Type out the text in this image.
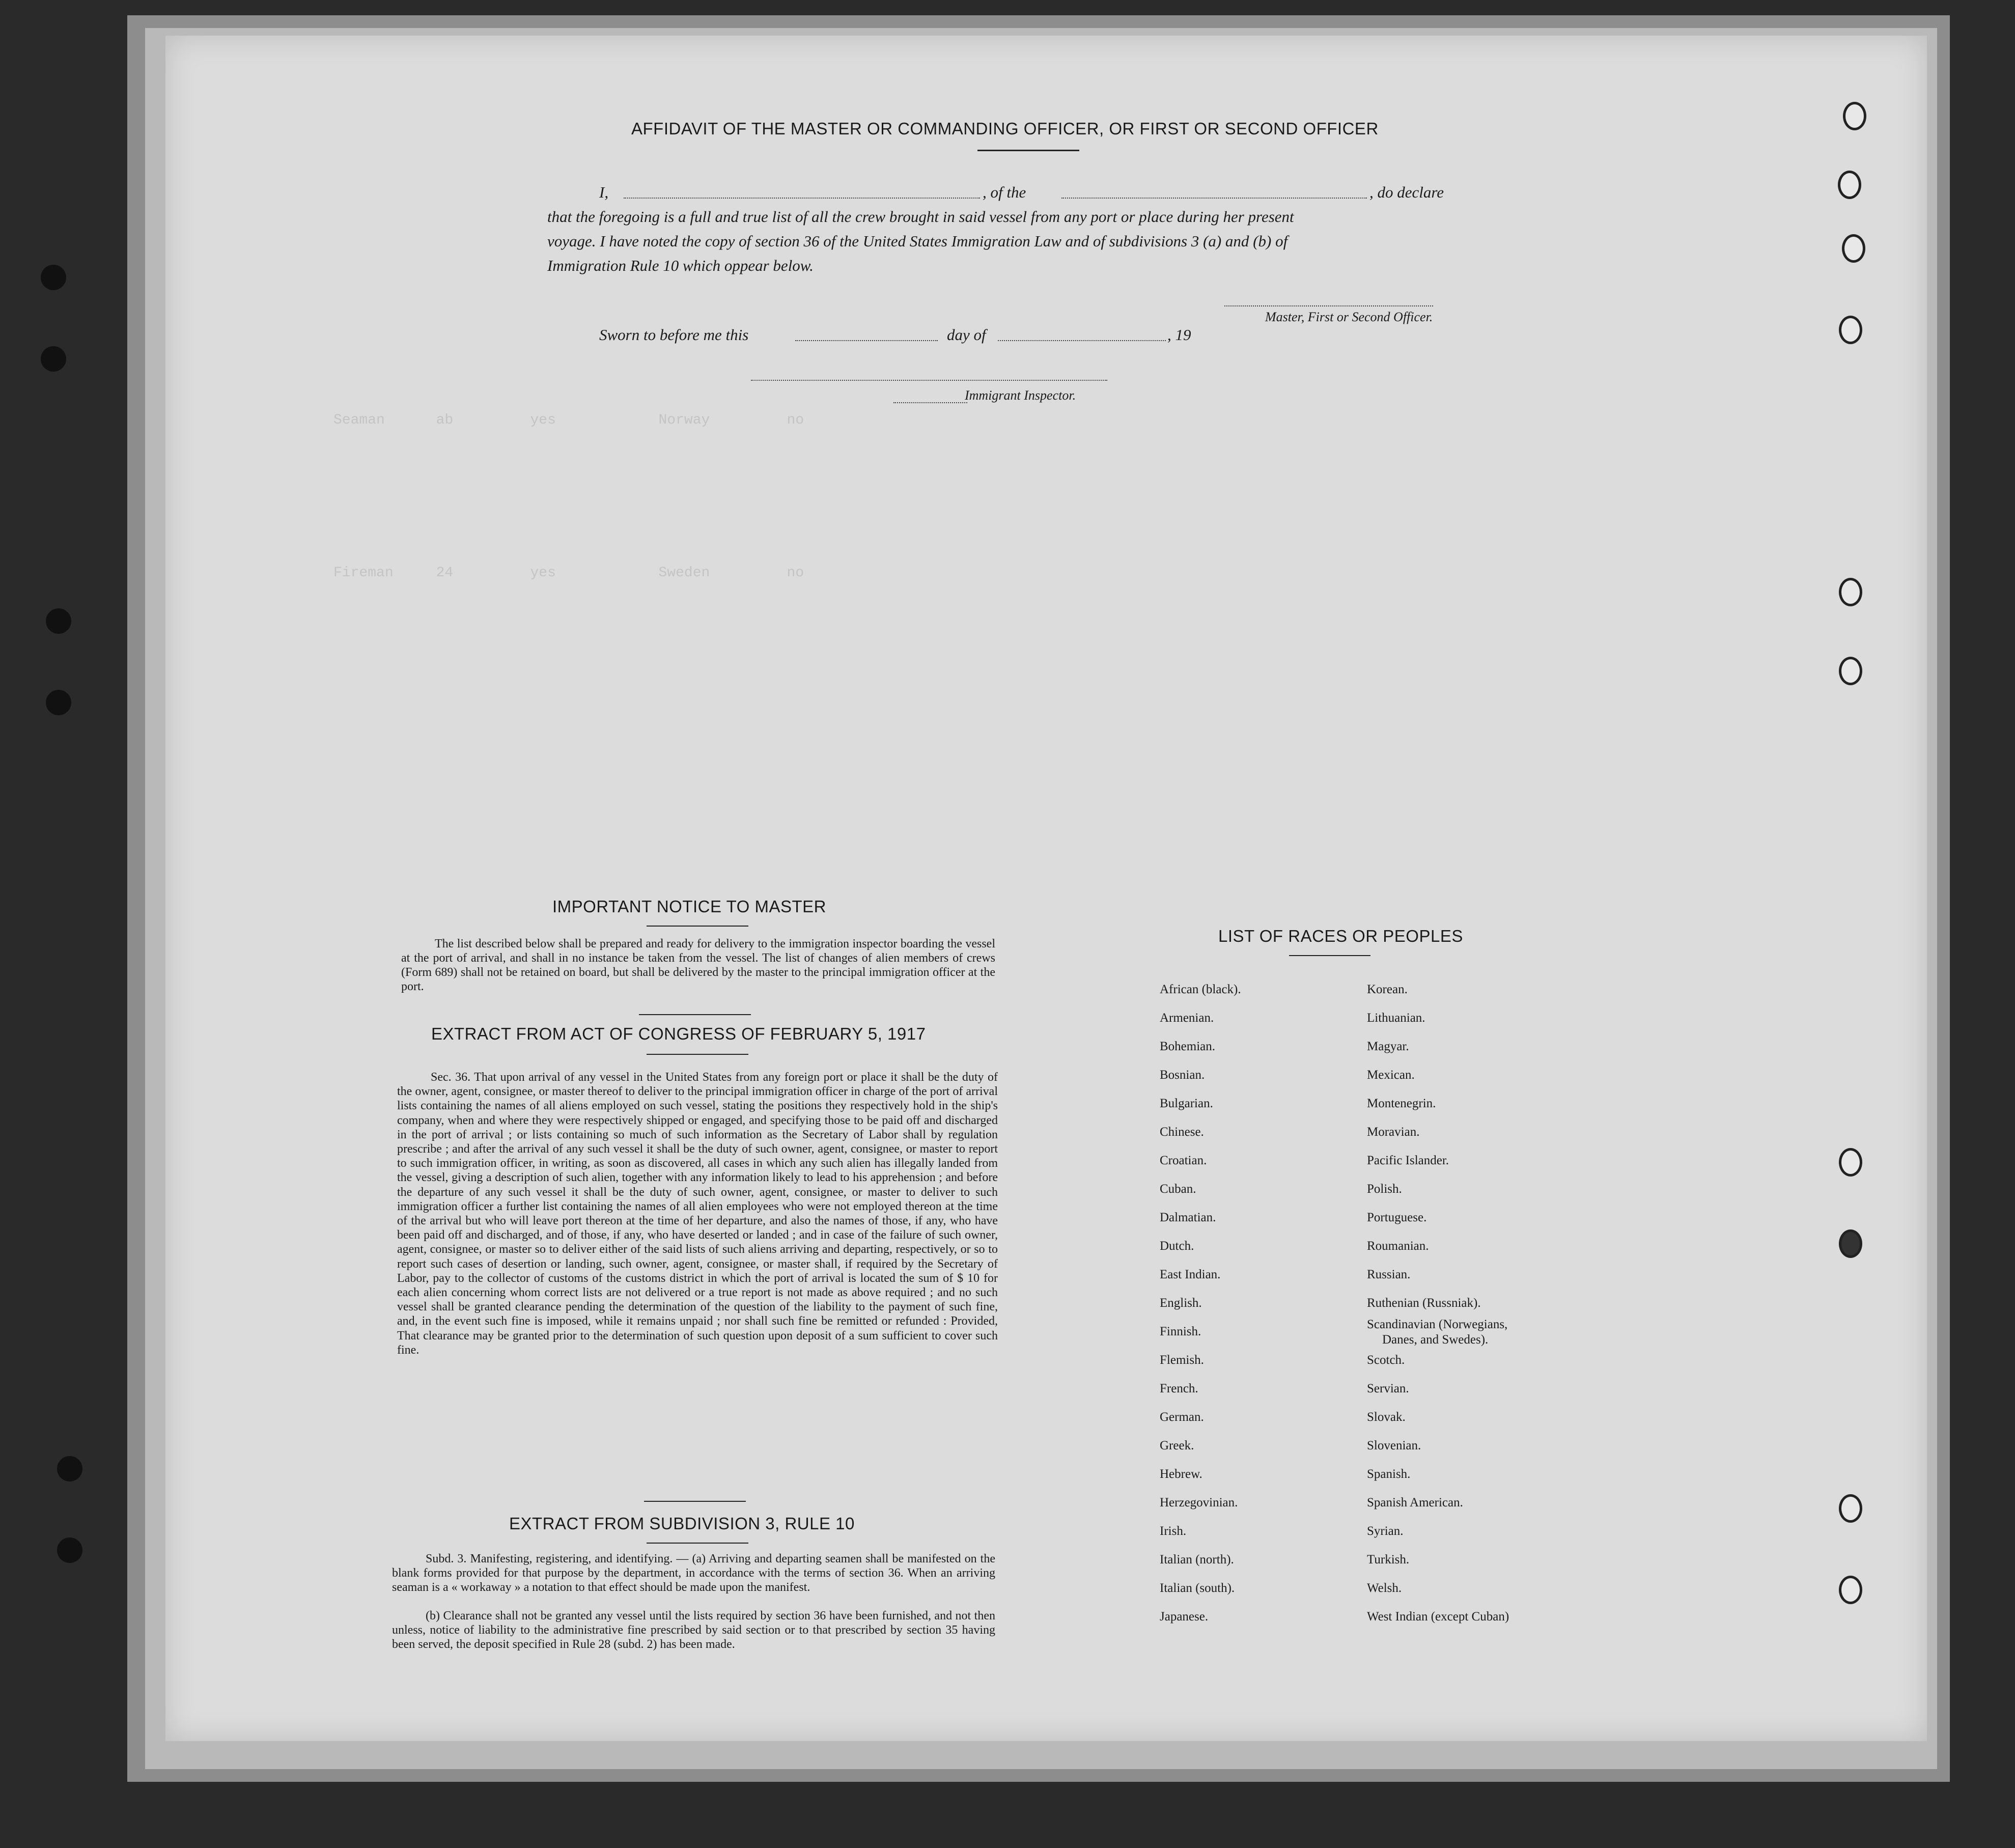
Seaman      ab         yes            Norway         no
Fireman     24         yes            Sweden         no
AFFIDAVIT OF THE MASTER OR COMMANDING OFFICER, OR FIRST OR SECOND OFFICER
I,	, of the	, do declare
that the foregoing is a full and true list of all the crew brought in said vessel from any port or place during her present
voyage. I have noted the copy of section 36 of the United States Immigration Law and of subdivisions 3 (a) and (b) of
Immigration Rule 10 which oppear below.
Master, First or Second Officer.
Sworn to before me this	day of	, 19
Immigrant Inspector.
IMPORTANT NOTICE TO MASTER
The list described below shall be prepared and ready for delivery to the immigration inspector boarding the vessel at the port of arrival, and shall in no instance be taken from the vessel. The list of changes of alien members of crews (Form 689) shall not be retained on board, but shall be delivered by the master to the principal immigration officer at the port.
EXTRACT FROM ACT OF CONGRESS OF FEBRUARY 5, 1917
Sec. 36. That upon arrival of any vessel in the United States from any foreign port or place it shall be the duty of the owner, agent, consignee, or master thereof to deliver to the principal immigration officer in charge of the port of arrival lists containing the names of all aliens employed on such vessel, stating the positions they respectively hold in the ship's company, when and where they were respectively shipped or engaged, and specifying those to be paid off and discharged in the port of arrival ; or lists containing so much of such information as the Secretary of Labor shall by regulation prescribe ; and after the arrival of any such vessel it shall be the duty of such owner, agent, consignee, or master to report to such immigration officer, in writing, as soon as discovered, all cases in which any such alien has illegally landed from the vessel, giving a description of such alien, together with any information likely to lead to his apprehension ; and before the departure of any such vessel it shall be the duty of such owner, agent, consignee, or master to deliver to such immigration officer a further list containing the names of all alien employees who were not employed thereon at the time of the arrival but who will leave port thereon at the time of her departure, and also the names of those, if any, who have been paid off and discharged, and of those, if any, who have deserted or landed ; and in case of the failure of such owner, agent, consignee, or master so to deliver either of the said lists of such aliens arriving and departing, respectively, or so to report such cases of desertion or landing, such owner, agent, consignee, or master shall, if required by the Secretary of Labor, pay to the collector of customs of the customs district in which the port of arrival is located the sum of $ 10 for each alien concerning whom correct lists are not delivered or a true report is not made as above required ; and no such vessel shall be granted clearance pending the determination of the question of the liability to the payment of such fine, and, in the event such fine is imposed, while it remains unpaid ; nor shall such fine be remitted or refunded : Provided, That clearance may be granted prior to the determination of such question upon deposit of a sum sufficient to cover such fine.
EXTRACT FROM SUBDIVISION 3, RULE 10
Subd. 3. Manifesting, registering, and identifying. — (a) Arriving and departing seamen shall be manifested on the blank forms provided for that purpose by the department, in accordance with the terms of section 36. When an arriving seaman is a « workaway » a notation to that effect should be made upon the manifest.
(b) Clearance shall not be granted any vessel until the lists required by section 36 have been furnished, and not then unless, notice of liability to the administrative fine prescribed by said section or to that prescribed by section 35 having been served, the deposit specified in Rule 28 (subd. 2) has been made.
LIST OF RACES OR PEOPLES
African (black).
Armenian.
Bohemian.
Bosnian.
Bulgarian.
Chinese.
Croatian.
Cuban.
Dalmatian.
Dutch.
East Indian.
English.
Finnish.
Flemish.
French.
German.
Greek.
Hebrew.
Herzegovinian.
Irish.
Italian (north).
Italian (south).
Japanese.
Korean.
Lithuanian.
Magyar.
Mexican.
Montenegrin.
Moravian.
Pacific Islander.
Polish.
Portuguese.
Roumanian.
Russian.
Ruthenian (Russniak).
Scandinavian (Norwegians,
Danes, and Swedes).
Scotch.
Servian.
Slovak.
Slovenian.
Spanish.
Spanish American.
Syrian.
Turkish.
Welsh.
West Indian (except Cuban)
